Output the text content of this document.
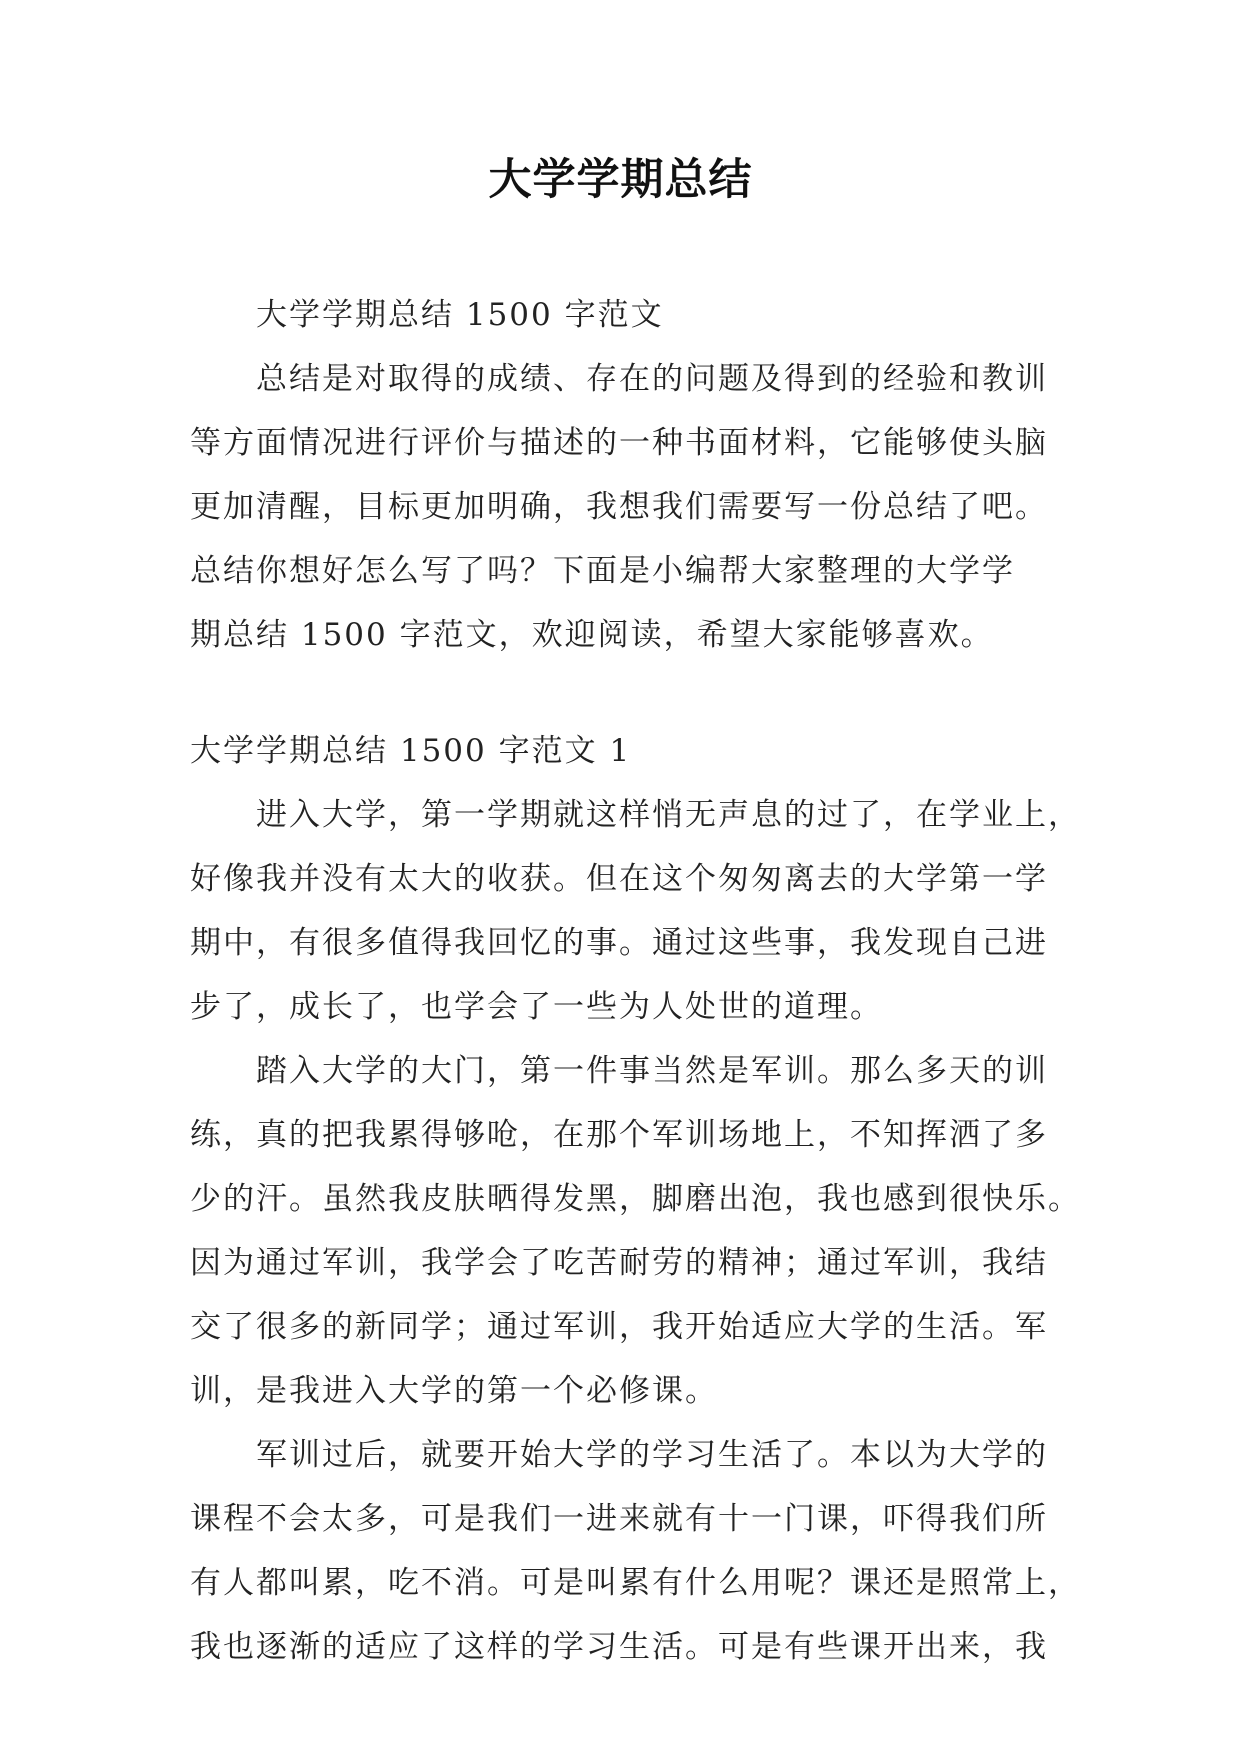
大学学期总结
大学学期总结 1500 字范文
总结是对取得的成绩、存在的问题及得到的经验和教训
等方面情况进行评价与描述的一种书面材料，它能够使头脑
更加清醒，目标更加明确，我想我们需要写一份总结了吧。
总结你想好怎么写了吗？下面是小编帮大家整理的大学学
期总结 1500 字范文，欢迎阅读，希望大家能够喜欢。
大学学期总结 1500 字范文 1
进入大学，第一学期就这样悄无声息的过了，在学业上，
好像我并没有太大的收获。但在这个匆匆离去的大学第一学
期中，有很多值得我回忆的事。通过这些事，我发现自己进
步了，成长了，也学会了一些为人处世的道理。
踏入大学的大门，第一件事当然是军训。那么多天的训
练，真的把我累得够呛，在那个军训场地上，不知挥洒了多
少的汗。虽然我皮肤晒得发黑，脚磨出泡，我也感到很快乐。
因为通过军训，我学会了吃苦耐劳的精神；通过军训，我结
交了很多的新同学；通过军训，我开始适应大学的生活。军
训，是我进入大学的第一个必修课。
军训过后，就要开始大学的学习生活了。本以为大学的
课程不会太多，可是我们一进来就有十一门课，吓得我们所
有人都叫累，吃不消。可是叫累有什么用呢？课还是照常上，
我也逐渐的适应了这样的学习生活。可是有些课开出来，我
